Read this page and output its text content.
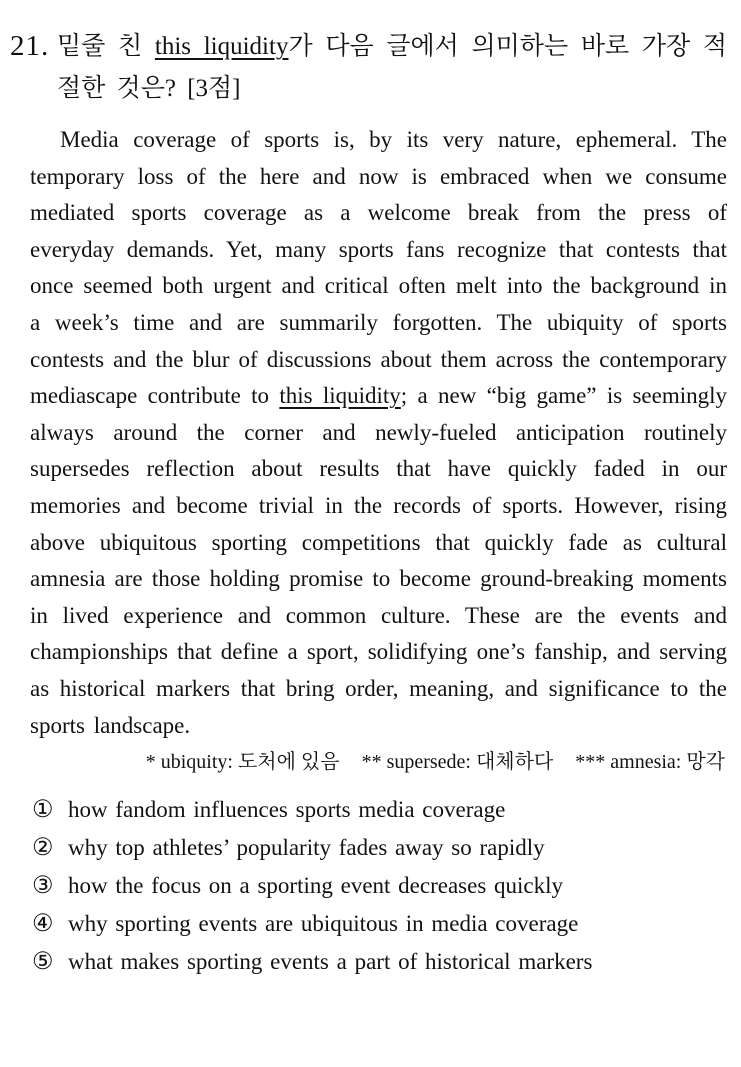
21. 밑줄 친 this liquidity가 다음 글에서 의미하는 바로 가장 적절한 것은? [3점]

Media coverage of sports is, by its very nature, ephemeral. The temporary loss of the here and now is embraced when we consume mediated sports coverage as a welcome break from the press of everyday demands. Yet, many sports fans recognize that contests that once seemed both urgent and critical often melt into the background in a week’s time and are summarily forgotten. The ubiquity of sports contests and the blur of discussions about them across the contemporary mediascape contribute to this liquidity; a new “big game” is seemingly always around the corner and newly-fueled anticipation routinely supersedes reflection about results that have quickly faded in our memories and become trivial in the records of sports. However, rising above ubiquitous sporting competitions that quickly fade as cultural amnesia are those holding promise to become ground-breaking moments in lived experience and common culture. These are the events and championships that define a sport, solidifying one’s fanship, and serving as historical markers that bring order, meaning, and significance to the sports landscape.

* ubiquity: 도처에 있음 ** supersede: 대체하다 *** amnesia: 망각
① how fandom influences sports media coverage
② why top athletes’ popularity fades away so rapidly
③ how the focus on a sporting event decreases quickly
④ why sporting events are ubiquitous in media coverage
⑤ what makes sporting events a part of historical markers
